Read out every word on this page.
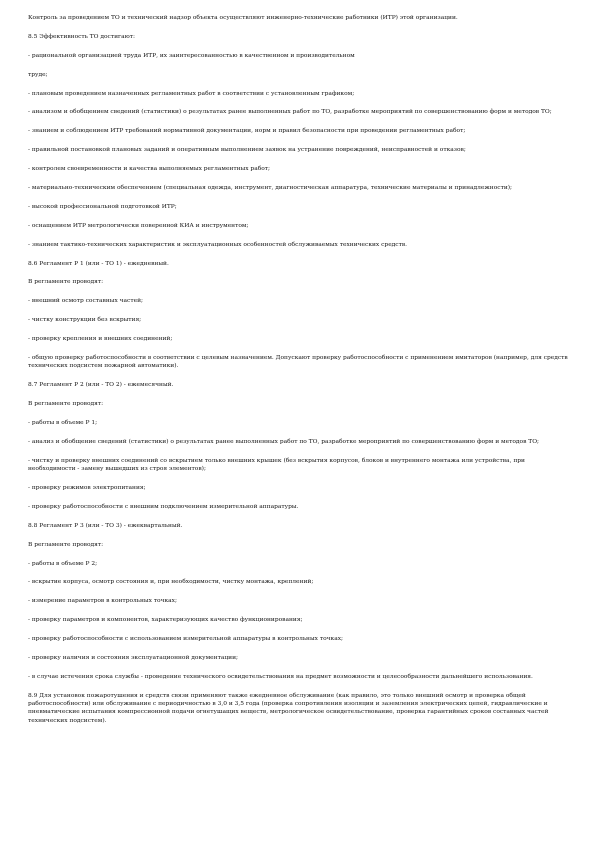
Контроль за проведением ТО и технический надзор объекта осуществляют инженерно-технические работники (ИТР) этой организации.

8.5 Эффективность ТО достигают:

- рациональной организацией труда ИТР, их заинтересованностью в качественном и производительном

труде;

- плановым проведением назначенных регламентных работ в соответствии с установленным графиком;

- анализом и обобщением сведений (статистики) о результатах ранее выполненных работ по ТО, разработке мероприятий по совершенствованию форм и методов ТО;

- знанием и соблюдением ИТР требований нормативной документации, норм и правил безопасности при проведении регламентных работ;

- правильной постановкой плановых заданий и оперативным выполнением заявок на устранение повреждений, неисправностей и отказов;

- контролем своевременности и качества выполняемых регламентных работ;

- материально-техническим обеспечением (специальная одежда, инструмент, диагностическая аппаратура, технические материалы и принадлежности);

- высокой профессиональной подготовкой ИТР;

- оснащением ИТР метрологически поверенной КИА и инструментом;

- знанием тактико-технических характеристик и эксплуатационных особенностей обслуживаемых технических средств.

8.6 Регламент Р 1 (или - ТО 1) - ежедневный.

В регламенте проводят:

- внешний осмотр составных частей;

- чистку конструкции без вскрытия;

- проверку крепления и внешних соединений;

- общую проверку работоспособности в соответствии с целевым назначением. Допускают проверку работоспособности с применением имитаторов (например, для средств технических подсистем пожарной автоматики).

8.7 Регламент Р 2 (или - ТО 2) - ежемесячный.

В регламенте проводят:

- работы в объеме Р 1;

- анализ и обобщение сведений (статистики) о результатах ранее выполненных работ по ТО, разработке мероприятий по совершенствованию форм и методов ТО;

- чистку и проверку внешних соединений со вскрытием только внешних крышек (без вскрытия корпусов, блоков и внутреннего монтажа или устройства, при необходимости - замену вышедших из строя элементов);

- проверку режимов электропитания;

- проверку работоспособности с внешним подключением измерительной аппаратуры.

8.8 Регламент Р 3 (или - ТО 3) - ежеквартальный.

В регламенте проводят:

- работы в объеме Р 2;

- вскрытие корпуса, осмотр состояния и, при необходимости, чистку монтажа, креплений;

- измерение параметров в контрольных точках;

- проверку параметров и компонентов, характеризующих качество функционирования;

- проверку работоспособности с использованием измерительной аппаратуры в контрольных точках;

- проверку наличия и состояния эксплуатационной документации;

- в случае истечения срока службы - проведение технического освидетельствования на предмет возможности и целесообразности дальнейшего использования.

8.9 Для установок пожаротушения и средств связи применяют также ежедневное обслуживание (как правило, это только внешний осмотр и проверка общей работоспособности) или обслуживание с периодичностью в 3,0 и 3,5 года (проверка сопротивления изоляции и заземления электрических цепей, гидравлические и пневматические испытания компрессионной подачи огнетушащих веществ, метрологическое освидетельствование, проверка гарантийных сроков составных частей технических подсистем).
